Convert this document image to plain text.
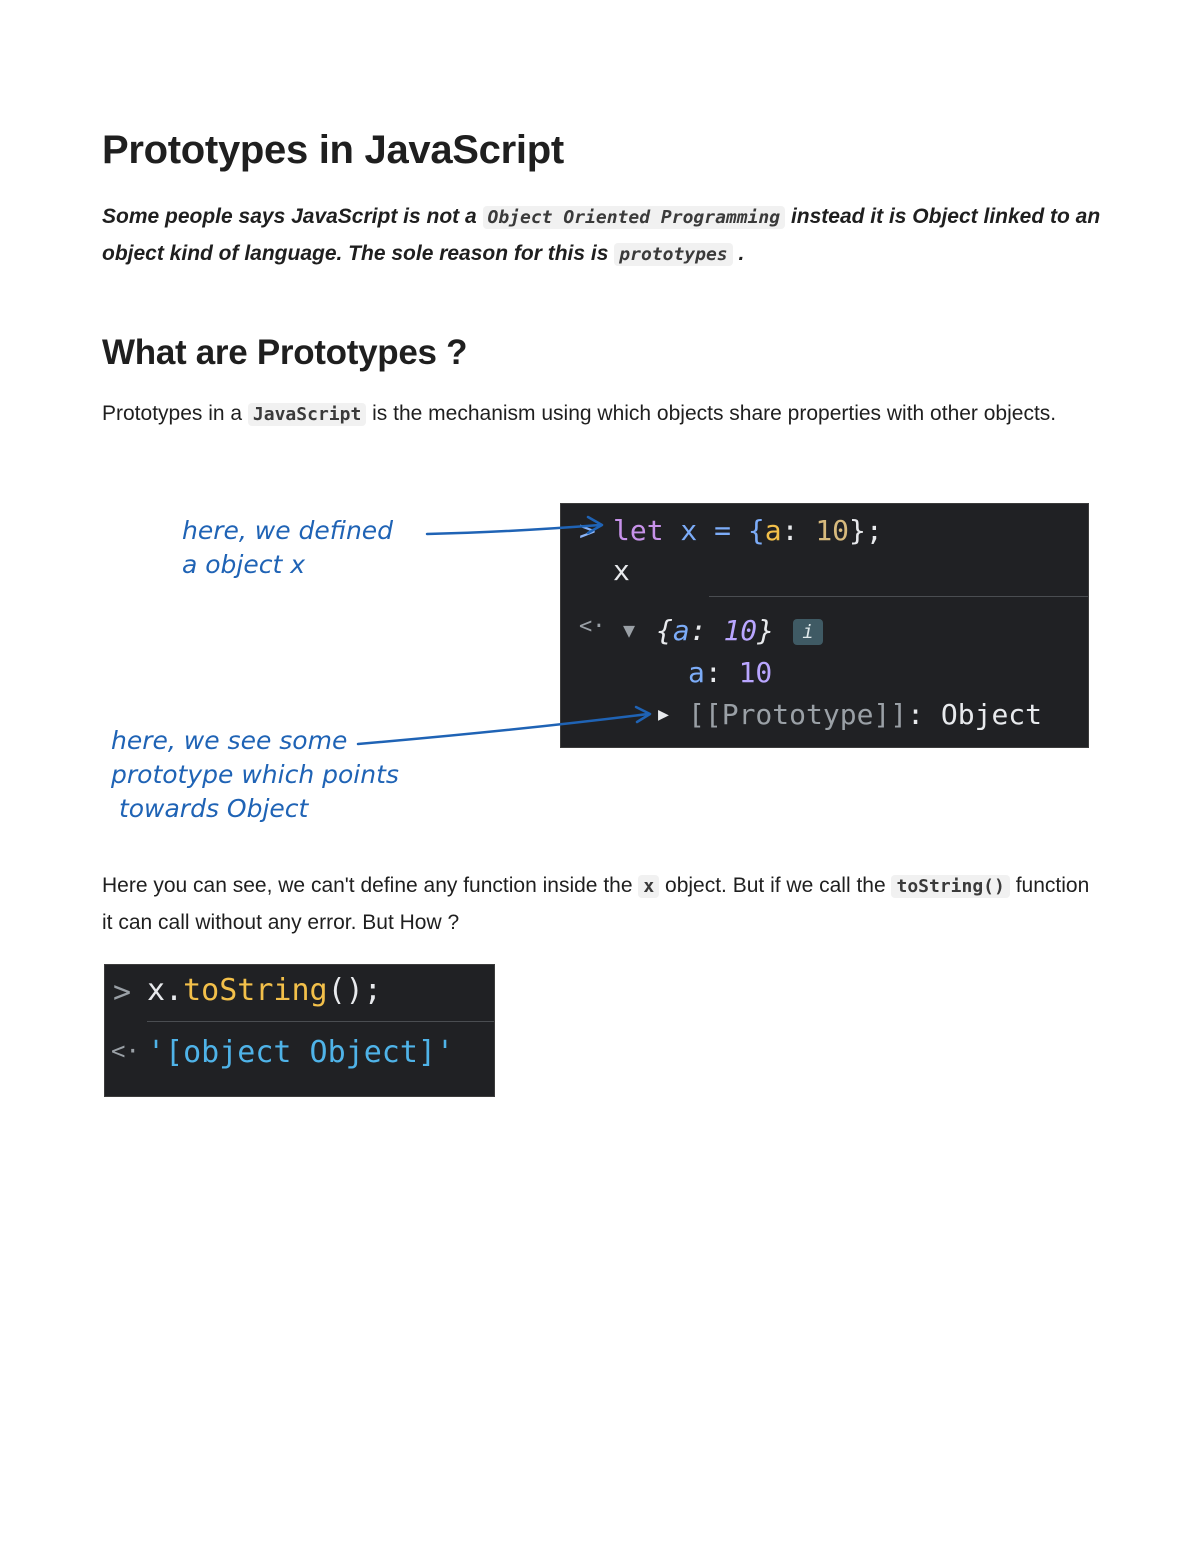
Prototypes in JavaScript
Some people says JavaScript is not a Object Oriented Programming instead it is Object linked to an object kind of language. The sole reason for this is prototypes .
What are Prototypes ?
Prototypes in a JavaScript is the mechanism using which objects share properties with other objects.
> let x = {a: 10};
x
<· ▼ {a: 10}	i
a: 10
▶ [[Prototype]]: Object
here, we defined
a object x
here, we see some
prototype which points
towards Object
Here you can see, we can't define any function inside the x object. But if we call the toString() function it can call without any error. But How ?
> x.toString();
<· '[object Object]'
